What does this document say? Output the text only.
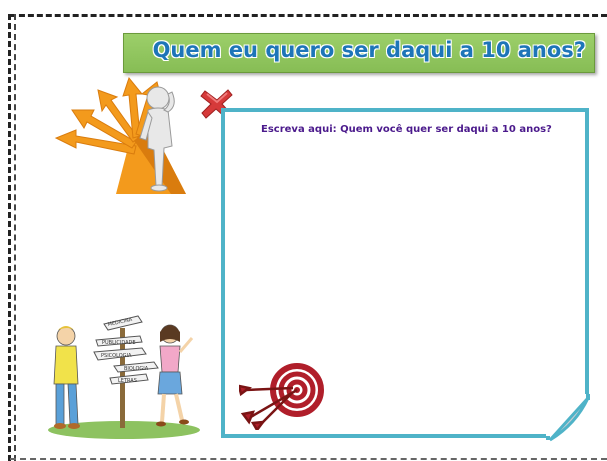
Quem eu quero ser daqui a 10 anos?
Escreva aqui: Quem você quer ser daqui a 10 anos?
MEDICINA
PUBLICIDADE
PSICOLOGIA
BIOLOGIA
LETRAS
